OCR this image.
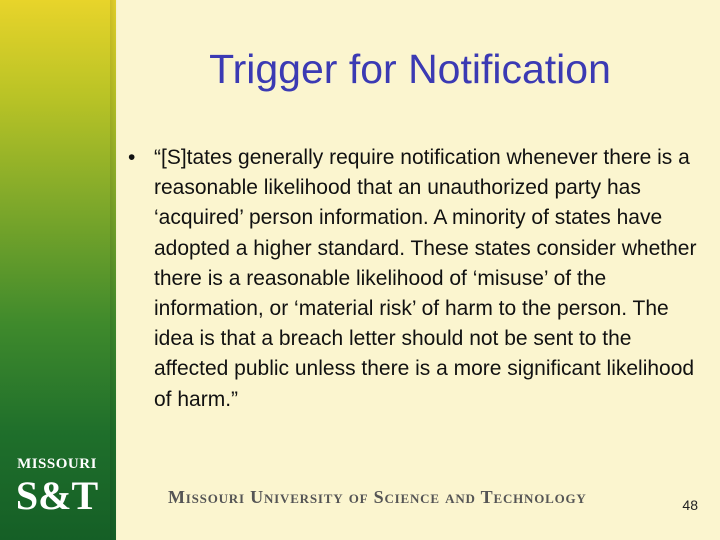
Trigger for Notification
• “[S]tates generally require notification whenever there is a reasonable likelihood that an unauthorized party has ‘acquired’ person information. A minority of states have adopted a higher standard. These states consider whether there is a reasonable likelihood of ‘misuse’ of the information, or ‘material risk’ of harm to the person. The idea is that a breach letter should not be sent to the affected public unless there is a more significant likelihood of harm.”

MISSOURI
S&T	Missouri University of Science and Technology	48
